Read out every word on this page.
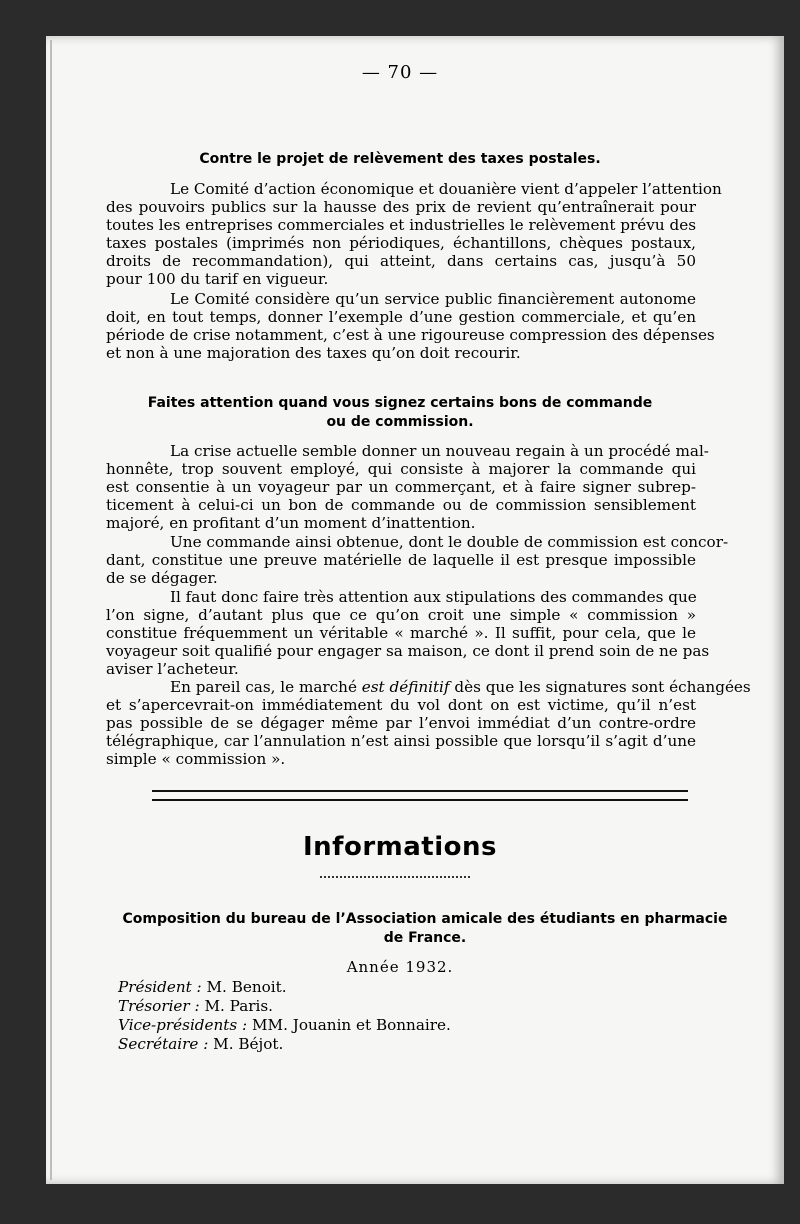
— 70 —
Contre le projet de relèvement des taxes postales.
Le Comité d’action économique et douanière vient d’appeler l’attention
des pouvoirs publics sur la hausse des prix de revient qu’entraînerait pour
toutes les entreprises commerciales et industrielles le relèvement prévu des
taxes postales (imprimés non périodiques, échantillons, chèques postaux,
droits de recommandation), qui atteint, dans certains cas, jusqu’à 50
pour 100 du tarif en vigueur.
Le Comité considère qu’un service public financièrement autonome
doit, en tout temps, donner l’exemple d’une gestion commerciale, et qu’en
période de crise notamment, c’est à une rigoureuse compression des dépenses
et non à une majoration des taxes qu’on doit recourir.
Faites attention quand vous signez certains bons de commande
ou de commission.
La crise actuelle semble donner un nouveau regain à un procédé mal-
honnête, trop souvent employé, qui consiste à majorer la commande qui
est consentie à un voyageur par un commerçant, et à faire signer subrep-
ticement à celui-ci un bon de commande ou de commission sensiblement
majoré, en profitant d’un moment d’inattention.
Une commande ainsi obtenue, dont le double de commission est concor-
dant, constitue une preuve matérielle de laquelle il est presque impossible
de se dégager.
Il faut donc faire très attention aux stipulations des commandes que
l’on signe, d’autant plus que ce qu’on croit une simple « commission »
constitue fréquemment un véritable « marché ». Il suffit, pour cela, que le
voyageur soit qualifié pour engager sa maison, ce dont il prend soin de ne pas
aviser l’acheteur.
En pareil cas, le marché est définitif dès que les signatures sont échangées
et s’apercevrait-on immédiatement du vol dont on est victime, qu’il n’est
pas possible de se dégager même par l’envoi immédiat d’un contre-ordre
télégraphique, car l’annulation n’est ainsi possible que lorsqu’il s’agit d’une
simple « commission ».
Informations
Composition du bureau de l’Association amicale des étudiants en pharmacie
de France.
Année 1932.
Président : M. Benoit.
Trésorier : M. Paris.
Vice-présidents : MM. Jouanin et Bonnaire.
Secrétaire : M. Béjot.
